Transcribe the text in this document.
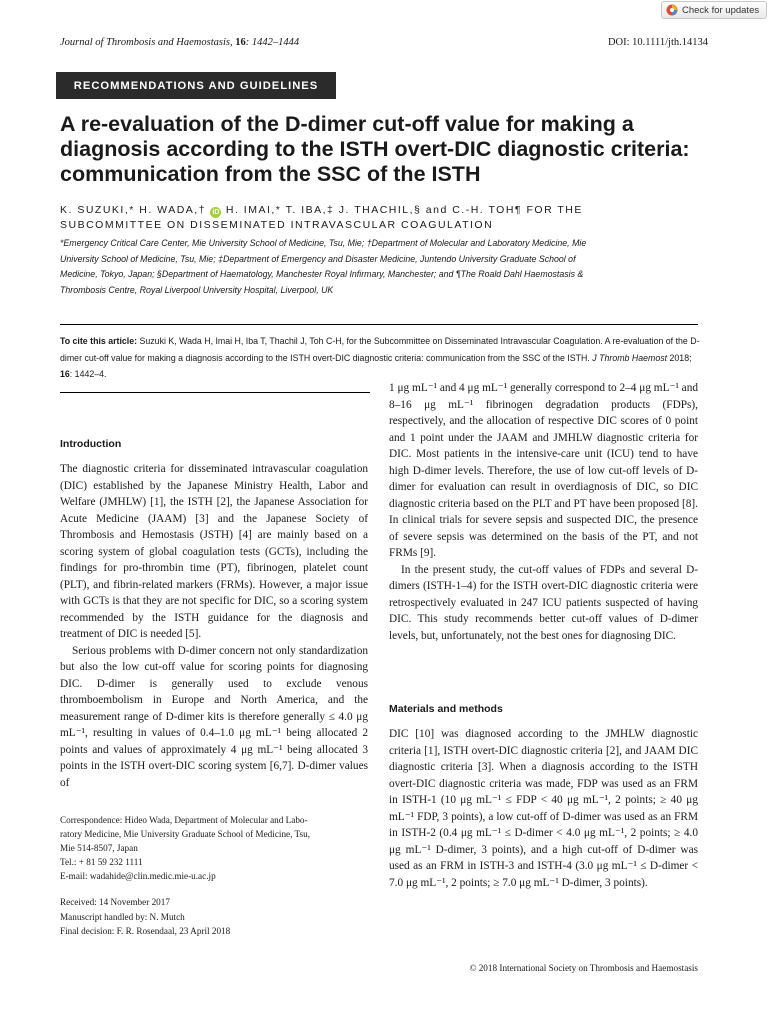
Check for updates
Journal of Thrombosis and Haemostasis, 16: 1442–1444	DOI: 10.1111/jth.14134
RECOMMENDATIONS AND GUIDELINES
A re-evaluation of the D-dimer cut-off value for making a
diagnosis according to the ISTH overt-DIC diagnostic criteria:
communication from the SSC of the ISTH
K. SUZUKI,* H. WADA,† iD H. IMAI,* T. IBA,‡ J. THACHIL,§ and C.-H. TOH¶ FOR THE
SUBCOMMITTEE ON DISSEMINATED INTRAVASCULAR COAGULATION
*Emergency Critical Care Center, Mie University School of Medicine, Tsu, Mie; †Department of Molecular and Laboratory Medicine, Mie
University School of Medicine, Tsu, Mie; ‡Department of Emergency and Disaster Medicine, Juntendo University Graduate School of
Medicine, Tokyo, Japan; §Department of Haematology, Manchester Royal Infirmary, Manchester; and ¶The Roald Dahl Haemostasis &
Thrombosis Centre, Royal Liverpool University Hospital, Liverpool, UK
To cite this article: Suzuki K, Wada H, Imai H, Iba T, Thachil J, Toh C-H, for the Subcommittee on Disseminated Intravascular Coagulation. A re-evaluation of the D-dimer cut-off value for making a diagnosis according to the ISTH overt-DIC diagnostic criteria: communication from the SSC of the ISTH. J Thromb Haemost 2018; 16: 1442–4.
Introduction

The diagnostic criteria for disseminated intravascular coagulation (DIC) established by the Japanese Ministry Health, Labor and Welfare (JMHLW) [1], the ISTH [2], the Japanese Association for Acute Medicine (JAAM) [3] and the Japanese Society of Thrombosis and Hemostasis (JSTH) [4] are mainly based on a scoring system of global coagulation tests (GCTs), including the findings for pro-thrombin time (PT), fibrinogen, platelet count (PLT), and fibrin-related markers (FRMs). However, a major issue with GCTs is that they are not specific for DIC, so a scoring system recommended by the ISTH guidance for the diagnosis and treatment of DIC is needed [5].

Serious problems with D-dimer concern not only standardization but also the low cut-off value for scoring points for diagnosing DIC. D-dimer is generally used to exclude venous thromboembolism in Europe and North America, and the measurement range of D-dimer kits is therefore generally ≤ 4.0 μg mL⁻¹, resulting in values of 0.4–1.0 μg mL⁻¹ being allocated 2 points and values of approximately 4 μg mL⁻¹ being allocated 3 points in the ISTH overt-DIC scoring system [6,7]. D-dimer values of

1 μg mL⁻¹ and 4 μg mL⁻¹ generally correspond to 2–4 μg mL⁻¹ and 8–16 μg mL⁻¹ fibrinogen degradation products (FDPs), respectively, and the allocation of respective DIC scores of 0 point and 1 point under the JAAM and JMHLW diagnostic criteria for DIC. Most patients in the intensive-care unit (ICU) tend to have high D-dimer levels. Therefore, the use of low cut-off levels of D-dimer for evaluation can result in overdiagnosis of DIC, so DIC diagnostic criteria based on the PLT and PT have been proposed [8]. In clinical trials for severe sepsis and suspected DIC, the presence of severe sepsis was determined on the basis of the PT, and not FRMs [9].

In the present study, the cut-off values of FDPs and several D-dimers (ISTH-1–4) for the ISTH overt-DIC diagnostic criteria were retrospectively evaluated in 247 ICU patients suspected of having DIC. This study recommends better cut-off values of D-dimer levels, but, unfortunately, not the best ones for diagnosing DIC.

Materials and methods

DIC [10] was diagnosed according to the JMHLW diagnostic criteria [1], ISTH overt-DIC diagnostic criteria [2], and JAAM DIC diagnostic criteria [3]. When a diagnosis according to the ISTH overt-DIC diagnostic criteria was made, FDP was used as an FRM in ISTH-1 (10 μg mL⁻¹ ≤ FDP < 40 μg mL⁻¹, 2 points; ≥ 40 μg mL⁻¹ FDP, 3 points), a low cut-off of D-dimer was used as an FRM in ISTH-2 (0.4 μg mL⁻¹ ≤ D-dimer < 4.0 μg mL⁻¹, 2 points; ≥ 4.0 μg mL⁻¹ D-dimer, 3 points), and a high cut-off of D-dimer was used as an FRM in ISTH-3 and ISTH-4 (3.0 μg mL⁻¹ ≤ D-dimer < 7.0 μg mL⁻¹, 2 points; ≥ 7.0 μg mL⁻¹ D-dimer, 3 points).

Correspondence: Hideo Wada, Department of Molecular and Labo-
ratory Medicine, Mie University Graduate School of Medicine, Tsu,
Mie 514-8507, Japan
Tel.: + 81 59 232 1111
E-mail: wadahide@clin.medic.mie-u.ac.jp
Received: 14 November 2017
Manuscript handled by: N. Mutch
Final decision: F. R. Rosendaal, 23 April 2018
© 2018 International Society on Thrombosis and Haemostasis
